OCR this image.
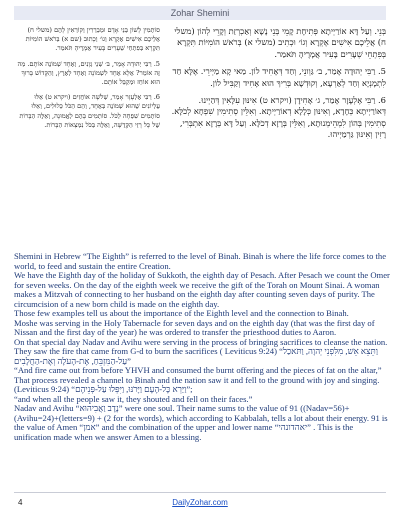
Zohar Shemini

סוֹתְמִין לָשׁוֹן בְּנֵי אָדָם וּמְבַרְרִין וְקוֹרְאִין לָהֶם (משלי ח) אֲלֵיכֶם אִישִׁים אֶקְרָא וְגוֹ׳ וְכָתוּב (שם א) בְּרֹאשׁ הוֹמִיּוֹת תִּקְרָא בְּפִתְחֵי שְׁעָרִים בָּעִיר אֲמָרֶיהָ תֹּאמֵר.

5. רַבִּי יְהוּדָה אָמַר, בּ׳ שְׁנֵי גְּוָנִים, וְאֶחָד שְׁמוֹנֶה אוֹתָם. מַה זֶּה אוֹמֵר? אֶלָּא אֶחָד לִשְׁמוֹנָה וְאֶחָד לְאֶרֶץ, וְהַקָּדוֹשׁ בָּרוּךְ הוּא אוֹחֵז וּמְקַבֵּל אוֹתָם.

6. רַבִּי אֶלְעָזָר אָמַר, שְׁלֹשָׁה אוֹחֲזִים (ויקרא ט) אֵלּוּ עֶלְיוֹנִים שֶׁהוּא שְׁמוֹנֶה בְּאֶחָד, וְהֵם הַכֹּל כְּלוּלִים, וְאֵלּוּ סוֹתְמִים שִׁפְחָה לַכֹּל. סוֹתְמִים בָּהֶם לְאֱמוּנָה, וְאֵלֶּה הַבָּרוֹת שֶׁל כָּל רָזֵי הַקְּדֻשָּׁה, וְאֵלֶּה בַּכֹּל נִמְצָאוֹת הַבָּרוֹת.

בְּנֵי. וְעַל דָּא אוֹרַיְיתָא פְּתִיחָת קָמֵי בְּנֵי נָשָׁא וְאַכְרְזַת וְקָרֵי לְהוֹן (משלי ח) אֲלֵיכֶם אִישִׁים אֶקְרָא וְגוֹ׳ וּכְתִיב (משלי א) בְּרֹאשׁ הוֹמִיּוֹת תִּקְרָא בְּפִתְחֵי שְׁעָרִים בָּעִיר אֲמָרֶיהָ תֹּאמַר.

5. רַבִּי יְהוּדָה אָמַר, ב׳ גַּוְונֵי, וְחַד דְּאָחִיד לוֹן. מַאי קָא מַיְירֵי. אֶלָּא חַד לִתְמָנְיָא וְחַד לְאַרְעָא, וְקוּדְשָׁא בְּרִיךְ הוּא אָחִיד וְקַבִּיל לוֹן.

6. רַבִּי אֶלְעָזָר אָמַר, ג׳ אָחִידָן (ויקרא ט) אִינּוּן עִלָּאִין דְּהַיְינוּ. דְּאוֹרַיְיתָא כְּחָדָא, וְאִינּוּן כְּלָלָא דְאוֹרַיְיתָא. וְאִלֵּין סְתִימִין שִׁפְחָא לְכֹלָּא. סְתִימִין בְּהוֹן לִמְהֵימְנוּתָא, וְאִלֵּין בְּרָזָא דְכֹלָּא. וְעַל דָּא בְּרָזָא אִתְבְּרִי, רָזִין וְאִינּוּן גַּרְמַיְיהוּ.

Shemini in Hebrew “The Eighth” is referred to the level of Binah. Binah is where the life force comes to the world, to feed and sustain the entire Creation.

We have the Eighth day of the holiday of Sukkoth, the eighth day of Pesach. After Pesach we count the Omer for seven weeks. On the day of the eighth week we receive the gift of the Torah on Mount Sinai. A woman makes a Mitzvah of connecting to her husband on the eighth day after counting seven days of purity. The circumcision of a new born child is made on the eighth day.

Those few examples tell us about the importance of the Eighth level and the connection to Binah.

Moshe was serving in the Holy Tabernacle for seven days and on the eighth day (that was the first day of Nissan and the first day of the year) he was ordered to transfer the priesthood duties to Aaron.

On that special day Nadav and Avihu were serving in the process of bringing sacrifices to cleanse the nation.

They saw the fire that came from G-d to burn the sacrifices ( Leviticus 9:24) “וַתֵּצֵא אֵשׁ, מִלִּפְנֵי יְהוָה, וַתֹּאכַל עַל-הַמִּזְבֵּחַ, אֶת-הָעֹלָה וְאֶת-הַחֲלָבִים”

“And fire came out from before YHVH and consumed the burnt offering and the pieces of fat on the altar,”

That process revealed a channel to Binah and the nation saw it and fell to the ground with joy and singing. (Leviticus 9:24) “וַיַּרְא כָּל-הָעָם וַיָּרֹנּוּ, וַיִּפְּלוּ עַל-פְּנֵיהֶם”;

“and when all the people saw it, they shouted and fell on their faces.”

Nadav and Avihu “נָדָב וַאֲבִיהוּא” were one soul. Their name sums to the value of 91 ((Nadav=56)+ (Avihu=24)+(letters=9) + (2 for the words), which according to Kabbalah, tells a lot about their energy. 91 is the value of Amen “אמן” and the combination of the upper and lower name “יאהדונהי” . This is the unification made when we answer Amen to a blessing.

4	DailyZohar.com
